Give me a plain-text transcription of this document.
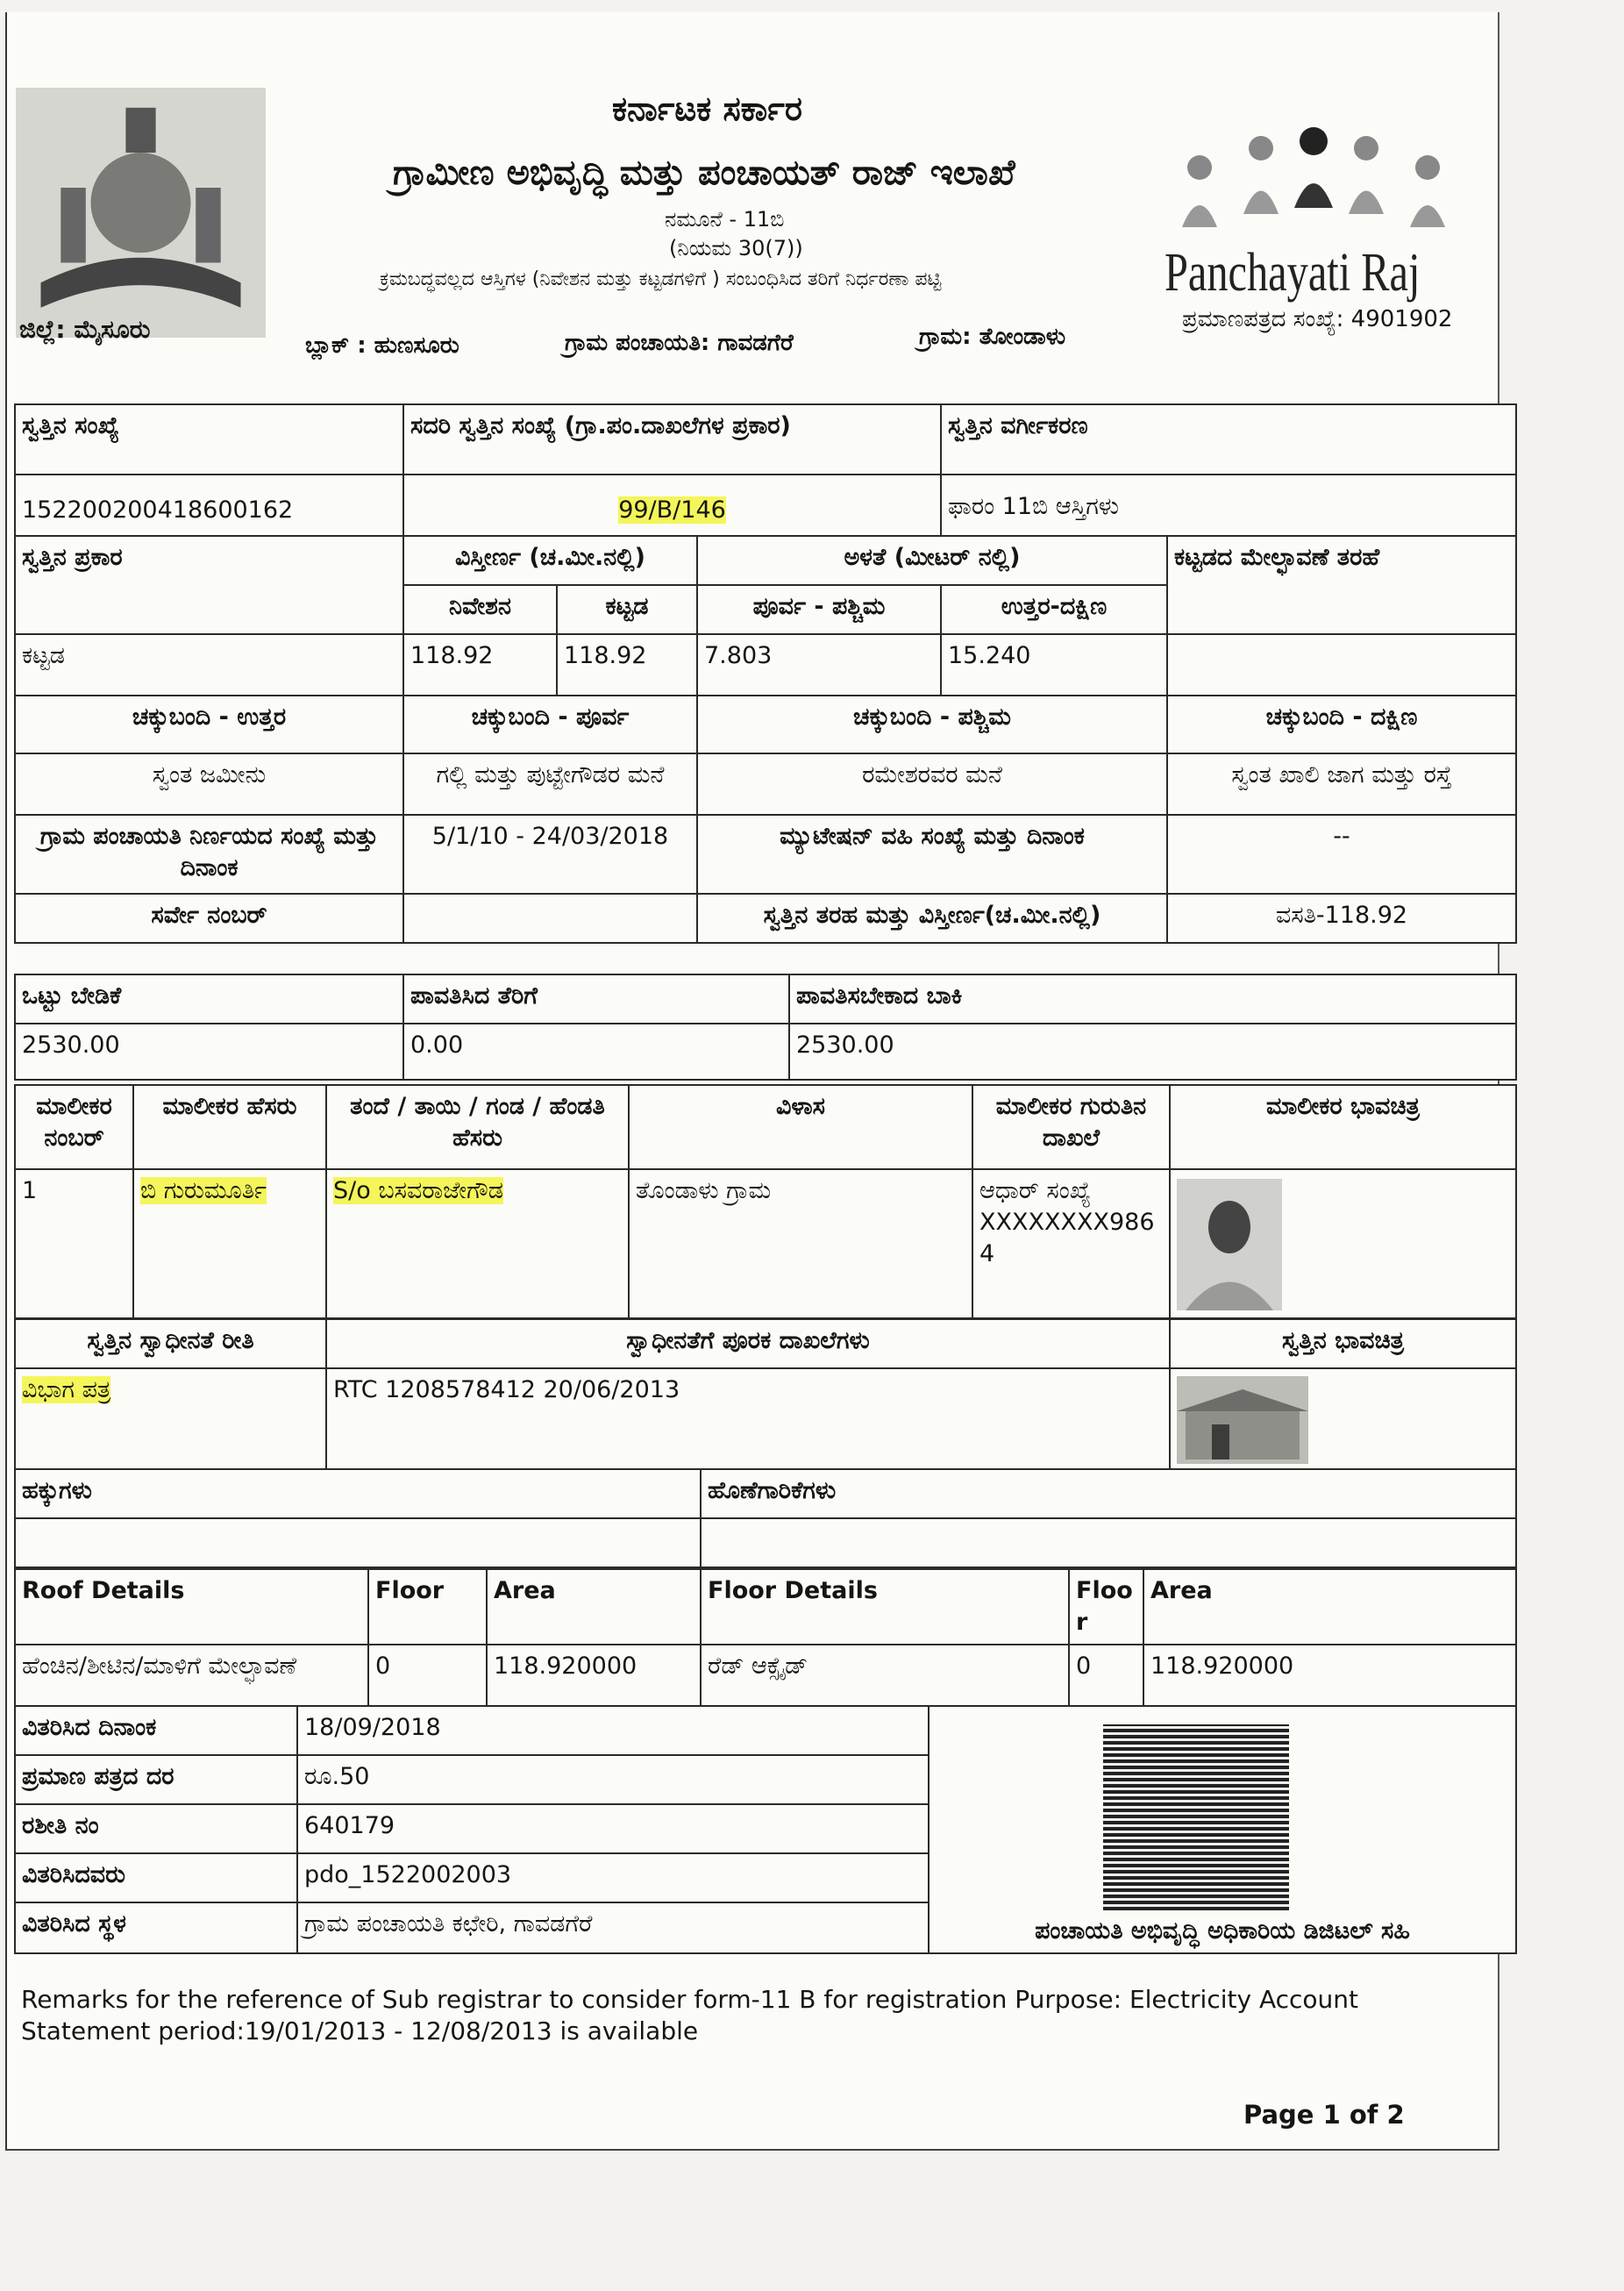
ಕರ್ನಾಟಕ ಸರ್ಕಾರ
ಗ್ರಾಮೀಣ ಅಭಿವೃದ್ಧಿ ಮತ್ತು ಪಂಚಾಯತ್ ರಾಜ್ ಇಲಾಖೆ
ನಮೂನೆ - 11ಬಿ
(ನಿಯಮ 30(7))
ಕ್ರಮಬದ್ಧವಲ್ಲದ ಆಸ್ತಿಗಳ (ನಿವೇಶನ ಮತ್ತು ಕಟ್ಟಡಗಳಿಗೆ ) ಸಂಬಂಧಿಸಿದ ತರಿಗೆ ನಿರ್ಧರಣಾ ಪಟ್ಟಿ
ಜಿಲ್ಲೆ: ಮೈಸೂರು
ಬ್ಲಾಕ್ : ಹುಣಸೂರು	ಗ್ರಾಮ ಪಂಚಾಯತಿ: ಗಾವಡಗೆರೆ	ಗ್ರಾಮ: ತೋಂಡಾಳು
Panchayati Raj
ಪ್ರಮಾಣಪತ್ರದ ಸಂಖ್ಯೆ: 4901902
ಸ್ವತ್ತಿನ ಸಂಖ್ಯೆ	ಸದರಿ ಸ್ವತ್ತಿನ ಸಂಖ್ಯೆ (ಗ್ರಾ.ಪಂ.ದಾಖಲೆಗಳ ಪ್ರಕಾರ)			ಸ್ವತ್ತಿನ ವರ್ಗೀಕರಣ	
152200200418600162	99/B/146			ಫಾರಂ 11ಬಿ ಆಸ್ತಿಗಳು	
ಸ್ವತ್ತಿನ ಪ್ರಕಾರ	ವಿಸ್ತೀರ್ಣ (ಚ.ಮೀ.ನಲ್ಲಿ)		ಅಳತೆ (ಮೀಟರ್ ನಲ್ಲಿ)		ಕಟ್ಟಡದ ಮೇಲ್ಛಾವಣೆ ತರಹೆ
	ನಿವೇಶನ	ಕಟ್ಟಡ	ಪೂರ್ವ - ಪಶ್ಚಿಮ	ಉತ್ತರ-ದಕ್ಷಿಣ	
ಕಟ್ಟಡ	118.92	118.92	7.803	15.240	
ಚಕ್ಕುಬಂದಿ - ಉತ್ತರ	ಚಕ್ಕುಬಂದಿ - ಪೂರ್ವ		ಚಕ್ಕುಬಂದಿ - ಪಶ್ಚಿಮ		ಚಕ್ಕುಬಂದಿ - ದಕ್ಷಿಣ
ಸ್ವಂತ ಜಮೀನು	ಗಲ್ಲಿ ಮತ್ತು ಪುಟ್ಟೇಗೌಡರ ಮನೆ		ರಮೇಶರವರ ಮನೆ		ಸ್ವಂತ ಖಾಲಿ ಜಾಗ ಮತ್ತು ರಸ್ತೆ
ಗ್ರಾಮ ಪಂಚಾಯತಿ ನಿರ್ಣಯದ ಸಂಖ್ಯೆ ಮತ್ತು ದಿನಾಂಕ	5/1/10 - 24/03/2018		ಮ್ಯುಟೇಷನ್ ವಹಿ ಸಂಖ್ಯೆ ಮತ್ತು ದಿನಾಂಕ		--
ಸರ್ವೇ ನಂಬರ್			ಸ್ವತ್ತಿನ ತರಹ ಮತ್ತು ವಿಸ್ತೀರ್ಣ(ಚ.ಮೀ.ನಲ್ಲಿ)		ವಸತಿ-118.92
ಒಟ್ಟು ಬೇಡಿಕೆ	ಪಾವತಿಸಿದ ತೆರಿಗೆ	ಪಾವತಿಸಬೇಕಾದ ಬಾಕಿ
2530.00	0.00	2530.00
ಮಾಲೀಕರ ನಂಬರ್	ಮಾಲೀಕರ ಹೆಸರು	ತಂದೆ / ತಾಯಿ / ಗಂಡ / ಹೆಂಡತಿ ಹೆಸರು	ವಿಳಾಸ	ಮಾಲೀಕರ ಗುರುತಿನ ದಾಖಲೆ	ಮಾಲೀಕರ ಭಾವಚಿತ್ರ
1	ಬಿ ಗುರುಮೂರ್ತಿ	S/o ಬಸವರಾಜೇಗೌಡ	ತೊಂಡಾಳು ಗ್ರಾಮ	ಆಧಾರ್ ಸಂಖ್ಯೆ XXXXXXXX9864	
ಸ್ವತ್ತಿನ ಸ್ವಾಧೀನತೆ ರೀತಿ	ಸ್ವಾಧೀನತೆಗೆ ಪೂರಕ ದಾಖಲೆಗಳು	ಸ್ವತ್ತಿನ ಭಾವಚಿತ್ರ
ವಿಭಾಗ ಪತ್ರ	RTC 1208578412 20/06/2013	
ಹಕ್ಕುಗಳು	ಹೊಣೆಗಾರಿಕೆಗಳು

Roof Details	Floor	Area	Floor Details	Floor	Area
ಹೆಂಚಿನ/ಶೀಟಿನ/ಮಾಳಿಗೆ ಮೇಲ್ಛಾವಣೆ	0	118.920000	ರೆಡ್ ಆಕ್ಸೈಡ್	0	118.920000
ವಿತರಿಸಿದ ದಿನಾಂಕ	18/09/2018	ಪಂಚಾಯತಿ ಅಭಿವೃದ್ಧಿ ಅಧಿಕಾರಿಯ ಡಿಜಿಟಲ್ ಸಹಿ
ಪ್ರಮಾಣ ಪತ್ರದ ದರ	ರೂ.50	
ರಶೀತಿ ನಂ	640179	
ವಿತರಿಸಿದವರು	pdo_1522002003	
ವಿತರಿಸಿದ ಸ್ಥಳ	ಗ್ರಾಮ ಪಂಚಾಯತಿ ಕಛೇರಿ, ಗಾವಡಗೆರೆ	
Remarks for the reference of Sub registrar to consider form-11 B for registration Purpose: Electricity Account Statement period:19/01/2013 - 12/08/2013 is available
Page 1 of 2
